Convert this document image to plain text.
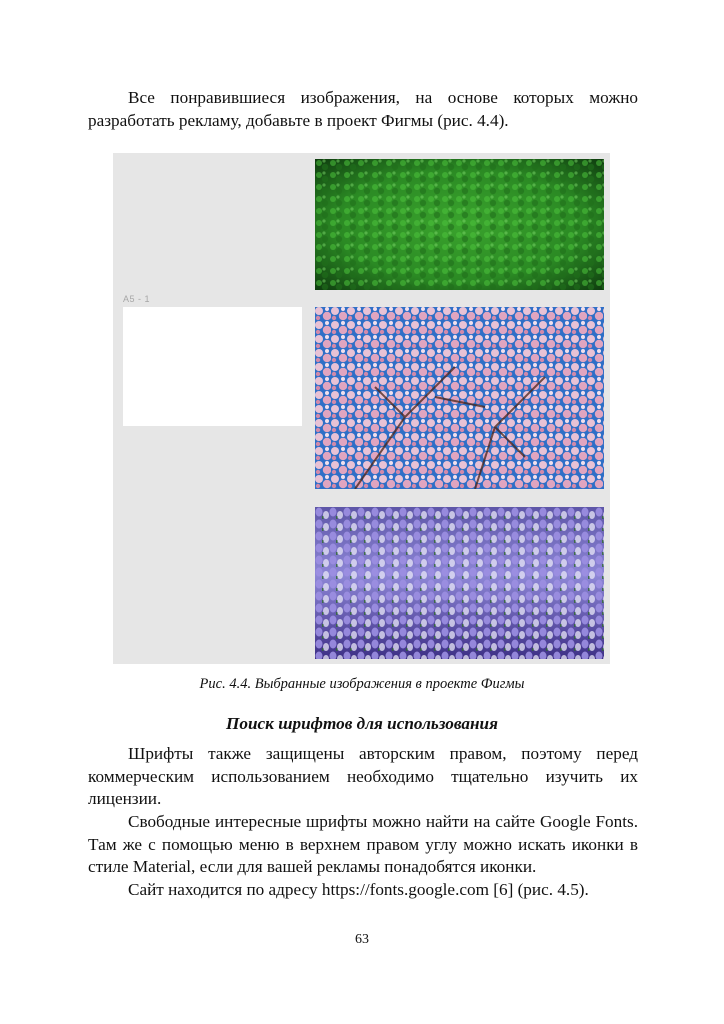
Все понравившиеся изображения, на основе которых можно разработать рекламу, добавьте в проект Фигмы (рис. 4.4).

A5 - 1

Рис. 4.4. Выбранные изображения в проекте Фигмы

Поиск шрифтов для использования

Шрифты также защищены авторским правом, поэтому перед коммерческим использованием необходимо тщательно изучить их лицензии.

Свободные интересные шрифты можно найти на сайте Google Fonts. Там же с помощью меню в верхнем правом углу можно искать иконки в стиле Material, если для вашей рекламы понадобятся иконки.

Сайт находится по адресу https://fonts.google.com [6] (рис. 4.5).

63
